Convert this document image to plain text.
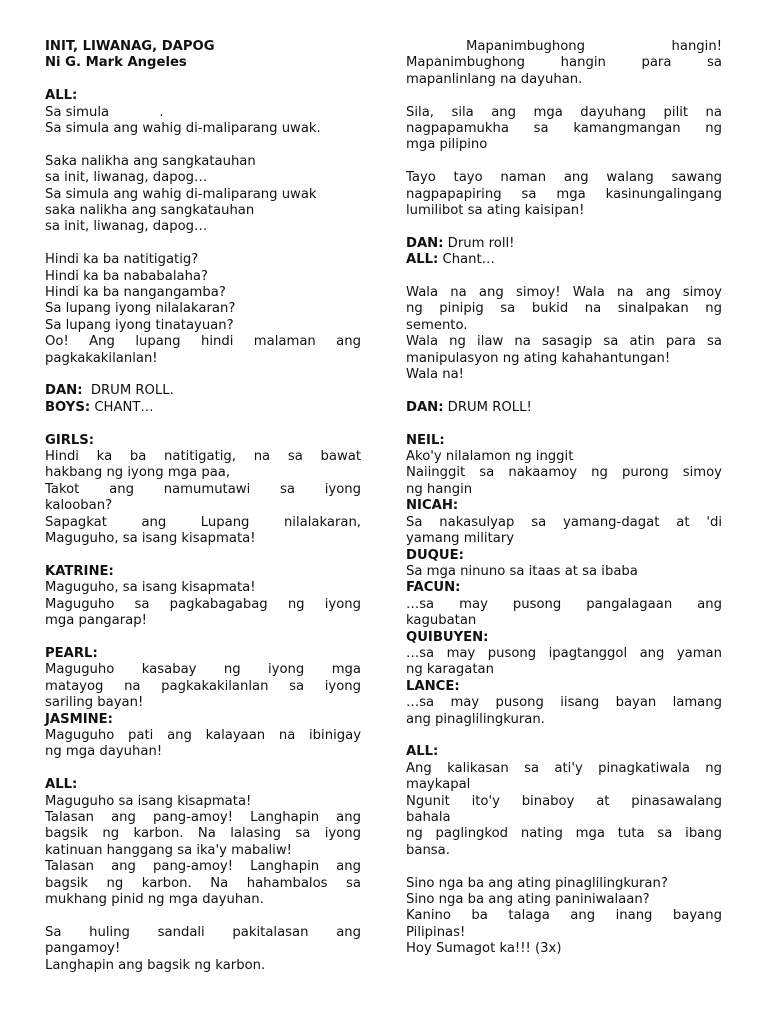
INIT, LIWANAG, DAPOG
Ni G. Mark Angeles
ALL:
Sa simula            .
Sa simula ang wahig di-maliparang uwak.
Saka nalikha ang sangkatauhan
sa init, liwanag, dapog…
Sa simula ang wahig di-maliparang uwak
saka nalikha ang sangkatauhan
sa init, liwanag, dapog…
Hindi ka ba natitigatig?
Hindi ka ba nababalaha?
Hindi ka ba nangangamba?
Sa lupang iyong nilalakaran?
Sa lupang iyong tinatayuan?
Oo! Ang lupang hindi malaman ang
pagkakakilanlan!
DAN:  DRUM ROLL.
BOYS: CHANT…
GIRLS:
Hindi ka ba natitigatig, na sa bawat
hakbang ng iyong mga paa,
Takot ang namumutawi sa iyong
kalooban?
Sapagkat ang Lupang nilalakaran,
Maguguho, sa isang kisapmata!
KATRINE:
Maguguho, sa isang kisapmata!
Maguguho sa pagkabagabag ng iyong
mga pangarap!
PEARL:
Maguguho kasabay ng iyong mga
matayog na pagkakakilanlan sa iyong
sariling bayan!
JASMINE:
Maguguho pati ang kalayaan na ibinigay
ng mga dayuhan!
ALL:
Maguguho sa isang kisapmata!
Talasan ang pang-amoy! Langhapin ang
bagsik ng karbon. Na lalasing sa iyong
katinuan hanggang sa ika'y mabaliw!
Talasan ang pang-amoy! Langhapin ang
bagsik ng karbon. Na hahambalos sa
mukhang pinid ng mga dayuhan.
Sa huling sandali pakitalasan ang
pangamoy!
Langhapin ang bagsik ng karbon.
Mapanimbughong hangin!
Mapanimbughong hangin para sa
mapanlinlang na dayuhan.
Sila, sila ang mga dayuhang pilit na
nagpapamukha sa kamangmangan ng
mga pilipino
Tayo tayo naman ang walang sawang
nagpapapiring sa mga kasinungalingang
lumilibot sa ating kaisipan!
DAN: Drum roll!
ALL: Chant…
Wala na ang simoy! Wala na ang simoy
ng pinipig sa bukid na sinalpakan ng
semento.
Wala ng ilaw na sasagip sa atin para sa
manipulasyon ng ating kahahantungan!
Wala na!
DAN: DRUM ROLL!
NEIL:
Ako'y nilalamon ng inggit
Naiinggit sa nakaamoy ng purong simoy
ng hangin
NICAH:
Sa nakasulyap sa yamang-dagat at 'di
yamang military
DUQUE:
Sa mga ninuno sa itaas at sa ibaba
FACUN:
…sa may pusong pangalagaan ang
kagubatan
QUIBUYEN:
…sa may pusong ipagtanggol ang yaman
ng karagatan
LANCE:
…sa may pusong iisang bayan lamang
ang pinaglilingkuran.
ALL:
Ang kalikasan sa ati'y pinagkatiwala ng
maykapal
Ngunit ito'y binaboy at pinasawalang
bahala
ng paglingkod nating mga tuta sa ibang
bansa.
Sino nga ba ang ating pinaglilingkuran?
Sino nga ba ang ating paniniwalaan?
Kanino ba talaga ang inang bayang
Pilipinas!
Hoy Sumagot ka!!! (3x)
